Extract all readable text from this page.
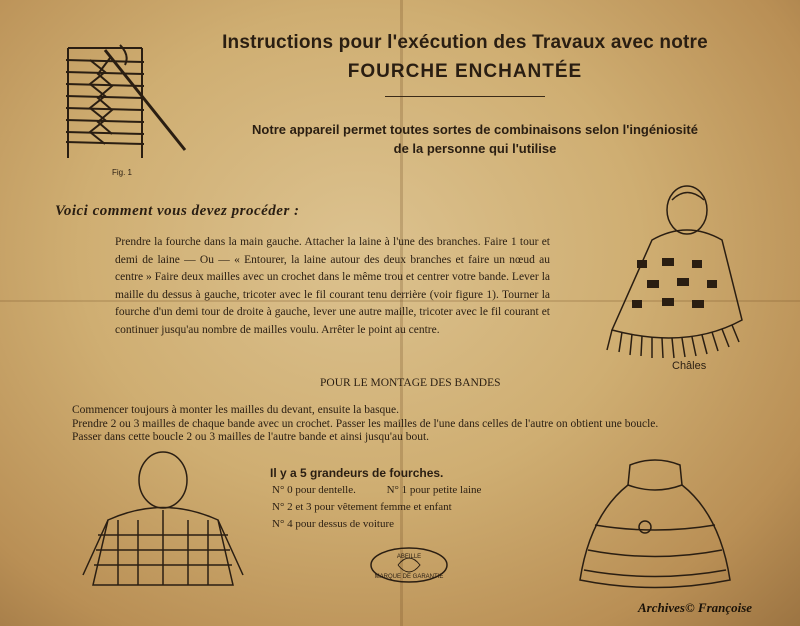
Fig. 1
Instructions pour l'exécution des Travaux avec notre
FOURCHE ENCHANTÉE
Notre appareil permet toutes sortes de combinaisons selon l'ingéniosité
de la personne qui l'utilise
Voici comment vous devez procéder :
Prendre la fourche dans la main gauche. Attacher la laine à l'une des branches. Faire 1 tour et demi de laine — Ou — « Entourer, la laine autour des deux branches et faire un nœud au centre » Faire deux mailles avec un crochet dans le même trou et centrer votre bande. Lever la maille du dessus à gauche, tricoter avec le fil courant tenu derrière (voir figure 1). Tourner la fourche d'un demi tour de droite à gauche, lever une autre maille, tricoter avec le fil courant et continuer jusqu'au nombre de mailles voulu. Arrêter le point au centre.
Châles
POUR LE MONTAGE DES BANDES
Commencer toujours à monter les mailles du devant, ensuite la basque.
Prendre 2 ou 3 mailles de chaque bande avec un crochet. Passer les mailles de l'une dans celles de l'autre on obtient une boucle.
Passer dans cette boucle 2 ou 3 mailles de l'autre bande et ainsi jusqu'au bout.
Il y a 5 grandeurs de fourches.
N° 0 pour dentelle.	N° 1 pour petite laine
N° 2 et 3 pour vêtement femme et enfant
N° 4 pour dessus de voiture
ABEILLE
MARQUE DE GARANTIE
Archives© Françoise
